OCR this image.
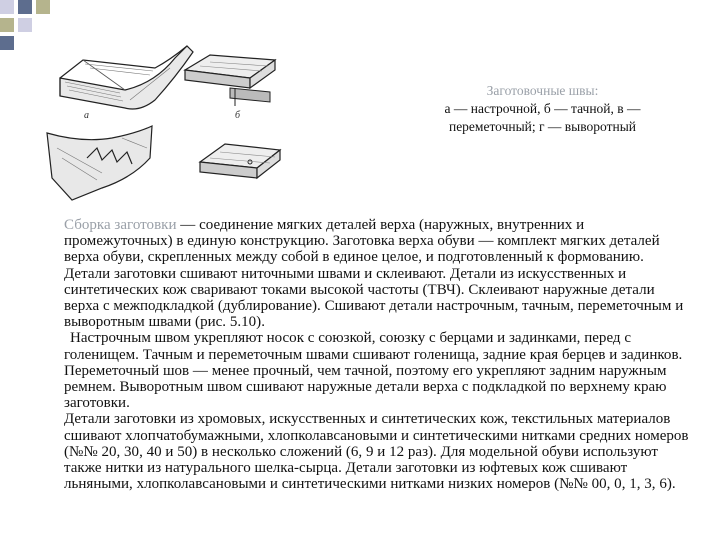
а	б
Заготовочные швы:
а — настрочной, б — тачной, в — переметочный; г — выворотный

Сборка заготовки — соединение мягких деталей верха (наружных, внутренних и промежуточных) в единую конструкцию. Заготовка верха обуви — комплект мягких деталей верха обуви, скрепленных между собой в единое целое, и подготовленный к формованию. Детали заготовки сшивают ниточными швами и склеивают. Детали из искусственных и синтетических кож сваривают токами высокой частоты (ТВЧ). Склеивают наружные детали верха с межподкладкой (дублирование). Сшивают детали настрочным, тачным, переметочным и выворотным швами (рис. 5.10).

Настрочным швом укрепляют носок с союзкой, союзку с берцами и задинками, перед с голенищем. Тачным и переметочным швами сшивают голенища, задние края берцев и задинков. Переметочный шов — менее прочный, чем тачной, поэтому его укрепляют задним наружным ремнем. Выворотным швом сшивают наружные детали верха с подкладкой по верхнему краю заготовки.

Детали заготовки из хромовых, искусственных и синтетических кож, текстильных материалов сшивают хлопчатобумажными, хлопколавсановыми и синтетическими нитками средних номеров (№№ 20, 30, 40 и 50) в несколько сложений (6, 9 и 12 раз). Для модельной обуви используют также нитки из натурального шелка-сырца. Детали заготовки из юфтевых кож сшивают льняными, хлопколавсановыми и синтетическими нитками низких номеров (№№ 00, 0, 1, 3, 6).
